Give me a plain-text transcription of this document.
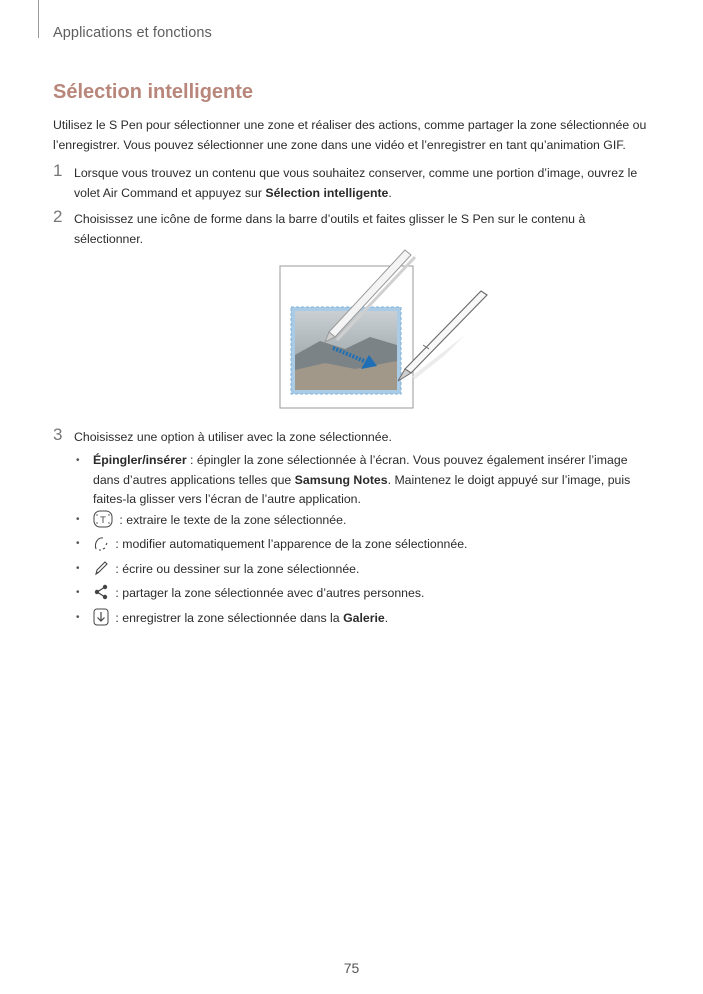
Applications et fonctions
Sélection intelligente
Utilisez le S Pen pour sélectionner une zone et réaliser des actions, comme partager la zone sélectionnée ou l’enregistrer. Vous pouvez sélectionner une zone dans une vidéo et l’enregistrer en tant qu’animation GIF.
1 Lorsque vous trouvez un contenu que vous souhaitez conserver, comme une portion d’image, ouvrez le volet Air Command et appuyez sur Sélection intelligente.
2 Choisissez une icône de forme dans la barre d’outils et faites glisser le S Pen sur le contenu à sélectionner.
3 Choisissez une option à utiliser avec la zone sélectionnée.
• Épingler/insérer : épingler la zone sélectionnée à l’écran. Vous pouvez également insérer l’image dans d’autres applications telles que Samsung Notes. Maintenez le doigt appuyé sur l’image, puis faites-la glisser vers l’écran de l’autre application.
• T : extraire le texte de la zone sélectionnée.
•	: modifier automatiquement l’apparence de la zone sélectionnée.
•	: écrire ou dessiner sur la zone sélectionnée.
•	: partager la zone sélectionnée avec d’autres personnes.
•	: enregistrer la zone sélectionnée dans la Galerie.
75
